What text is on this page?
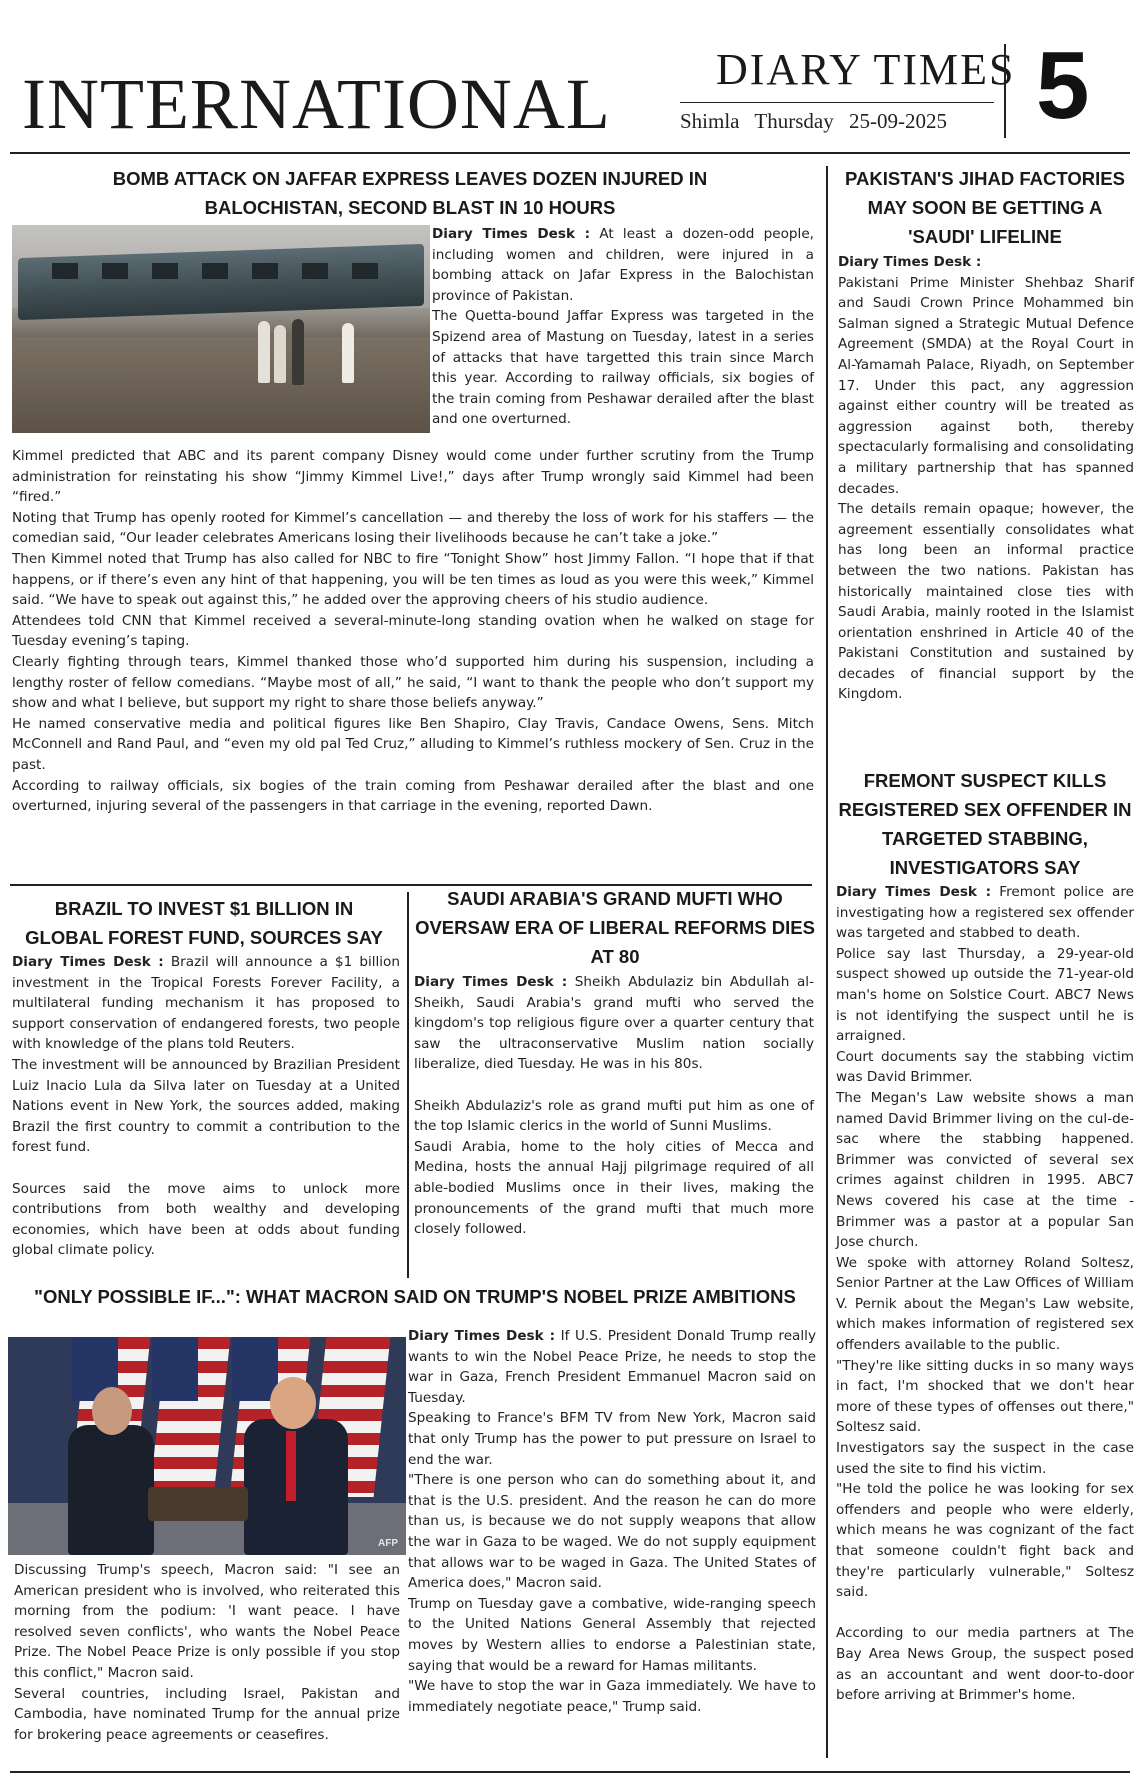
INTERNATIONAL DIARY TIMES
Shimla Thursday 25-09-2025 5
BOMB ATTACK ON JAFFAR EXPRESS LEAVES DOZEN INJURED IN BALOCHISTAN, SECOND BLAST IN 10 HOURS

Diary Times Desk : At least a dozen-odd people, including women and children, were injured in a bombing attack on Jafar Express in the Balochistan province of Pakistan.

The Quetta-bound Jaffar Express was targeted in the Spizend area of Mastung on Tuesday, latest in a series of attacks that have targetted this train since March this year. According to railway officials, six bogies of the train coming from Peshawar derailed after the blast and one overturned.

Kimmel predicted that ABC and its parent company Disney would come under further scrutiny from the Trump administration for reinstating his show “Jimmy Kimmel Live!,” days after Trump wrongly said Kimmel had been “fired.”

Noting that Trump has openly rooted for Kimmel’s cancellation — and thereby the loss of work for his staffers — the comedian said, “Our leader celebrates Americans losing their livelihoods because he can’t take a joke.”

Then Kimmel noted that Trump has also called for NBC to fire “Tonight Show” host Jimmy Fallon. “I hope that if that happens, or if there’s even any hint of that happening, you will be ten times as loud as you were this week,” Kimmel said. “We have to speak out against this,” he added over the approving cheers of his studio audience.

Attendees told CNN that Kimmel received a several-minute-long standing ovation when he walked on stage for Tuesday evening’s taping.

Clearly fighting through tears, Kimmel thanked those who’d supported him during his suspension, including a lengthy roster of fellow comedians. “Maybe most of all,” he said, “I want to thank the people who don’t support my show and what I believe, but support my right to share those beliefs anyway.”

He named conservative media and political figures like Ben Shapiro, Clay Travis, Candace Owens, Sens. Mitch McConnell and Rand Paul, and “even my old pal Ted Cruz,” alluding to Kimmel’s ruthless mockery of Sen. Cruz in the past.

According to railway officials, six bogies of the train coming from Peshawar derailed after the blast and one overturned, injuring several of the passengers in that carriage in the evening, reported Dawn.

PAKISTAN'S JIHAD FACTORIES MAY SOON BE GETTING A 'SAUDI' LIFELINE

Diary Times Desk :

Pakistani Prime Minister Shehbaz Sharif and Saudi Crown Prince Mohammed bin Salman signed a Strategic Mutual Defence Agreement (SMDA) at the Royal Court in Al-Yamamah Palace, Riyadh, on September 17. Under this pact, any aggression against either country will be treated as aggression against both, thereby spectacularly formalising and consolidating a military partnership that has spanned decades.

The details remain opaque; however, the agreement essentially consolidates what has long been an informal practice between the two nations. Pakistan has historically maintained close ties with Saudi Arabia, mainly rooted in the Islamist orientation enshrined in Article 40 of the Pakistani Constitution and sustained by decades of financial support by the Kingdom.

FREMONT SUSPECT KILLS REGISTERED SEX OFFENDER IN TARGETED STABBING, INVESTIGATORS SAY

Diary Times Desk : Fremont police are investigating how a registered sex offender was targeted and stabbed to death.

Police say last Thursday, a 29-year-old suspect showed up outside the 71-year-old man's home on Solstice Court. ABC7 News is not identifying the suspect until he is arraigned.

Court documents say the stabbing victim was David Brimmer.

The Megan's Law website shows a man named David Brimmer living on the cul-de-sac where the stabbing happened. Brimmer was convicted of several sex crimes against children in 1995. ABC7 News covered his case at the time - Brimmer was a pastor at a popular San Jose church.

We spoke with attorney Roland Soltesz, Senior Partner at the Law Offices of William V. Pernik about the Megan's Law website, which makes information of registered sex offenders available to the public.

"They're like sitting ducks in so many ways in fact, I'm shocked that we don't hear more of these types of offenses out there," Soltesz said.

Investigators say the suspect in the case used the site to find his victim.

"He told the police he was looking for sex offenders and people who were elderly, which means he was cognizant of the fact that someone couldn't fight back and they're particularly vulnerable," Soltesz said.

According to our media partners at The Bay Area News Group, the suspect posed as an accountant and went door-to-door before arriving at Brimmer's home.

BRAZIL TO INVEST $1 BILLION IN GLOBAL FOREST FUND, SOURCES SAY

Diary Times Desk : Brazil will announce a $1 billion investment in the Tropical Forests Forever Facility, a multilateral funding mechanism it has proposed to support conservation of endangered forests, two people with knowledge of the plans told Reuters.

The investment will be announced by Brazilian President Luiz Inacio Lula da Silva later on Tuesday at a United Nations event in New York, the sources added, making Brazil the first country to commit a contribution to the forest fund.

Sources said the move aims to unlock more contributions from both wealthy and developing economies, which have been at odds about funding global climate policy.

SAUDI ARABIA'S GRAND MUFTI WHO OVERSAW ERA OF LIBERAL REFORMS DIES AT 80

Diary Times Desk : Sheikh Abdulaziz bin Abdullah al-Sheikh, Saudi Arabia's grand mufti who served the kingdom's top religious figure over a quarter century that saw the ultraconservative Muslim nation socially liberalize, died Tuesday. He was in his 80s.

Sheikh Abdulaziz's role as grand mufti put him as one of the top Islamic clerics in the world of Sunni Muslims.

Saudi Arabia, home to the holy cities of Mecca and Medina, hosts the annual Hajj pilgrimage required of all able-bodied Muslims once in their lives, making the pronouncements of the grand mufti that much more closely followed.

"ONLY POSSIBLE IF...": WHAT MACRON SAID ON TRUMP'S NOBEL PRIZE AMBITIONS
AFP

Diary Times Desk : If U.S. President Donald Trump really wants to win the Nobel Peace Prize, he needs to stop the war in Gaza, French President Emmanuel Macron said on Tuesday.

Speaking to France's BFM TV from New York, Macron said that only Trump has the power to put pressure on Israel to end the war.

"There is one person who can do something about it, and that is the U.S. president. And the reason he can do more than us, is because we do not supply weapons that allow the war in Gaza to be waged. We do not supply equipment that allows war to be waged in Gaza. The United States of America does," Macron said.

Trump on Tuesday gave a combative, wide-ranging speech to the United Nations General Assembly that rejected moves by Western allies to endorse a Palestinian state, saying that would be a reward for Hamas militants.

"We have to stop the war in Gaza immediately. We have to immediately negotiate peace," Trump said.

Discussing Trump's speech, Macron said: "I see an American president who is involved, who reiterated this morning from the podium: 'I want peace. I have resolved seven conflicts', who wants the Nobel Peace Prize. The Nobel Peace Prize is only possible if you stop this conflict," Macron said.

Several countries, including Israel, Pakistan and Cambodia, have nominated Trump for the annual prize for brokering peace agreements or ceasefires.
